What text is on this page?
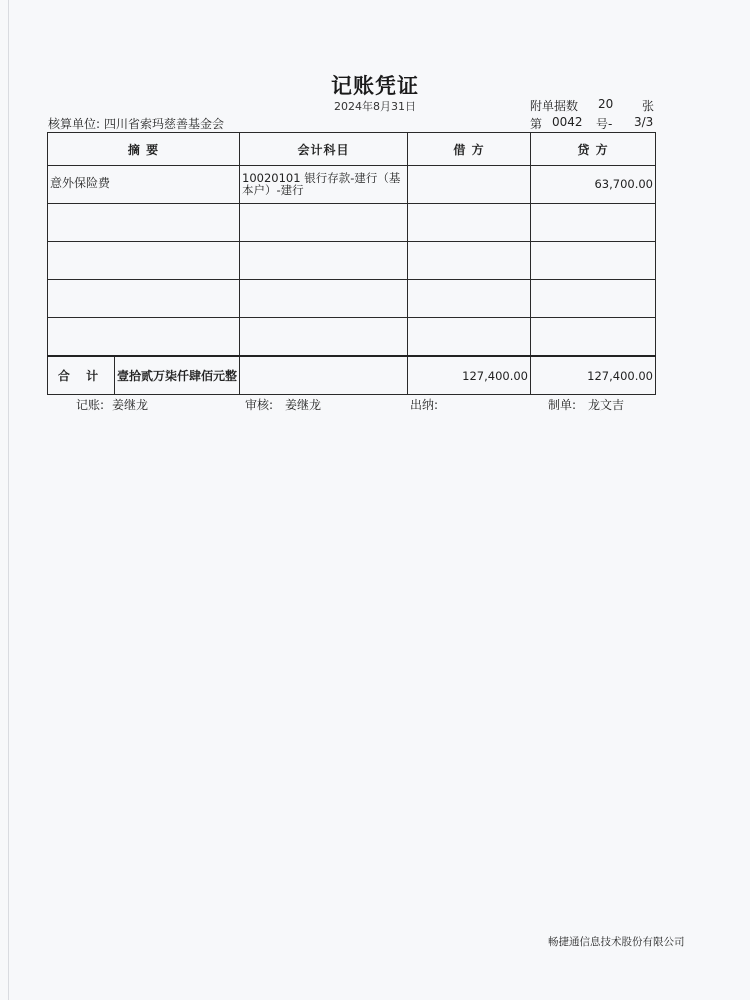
记账凭证
2024年8月31日
核算单位: 四川省索玛慈善基金会
附单据数 20 张
第 0042 号- 3/3
摘 要	会计科目	借 方	贷 方

意外保险费	10020101 银行存款-建行（基本户）-建行		63,700.00

合 计 壹拾贰万柒仟肆佰元整		127,400.00	127,400.00
记账: 姜继龙	审核: 姜继龙	出纳:	制单: 龙文吉
畅捷通信息技术股份有限公司
